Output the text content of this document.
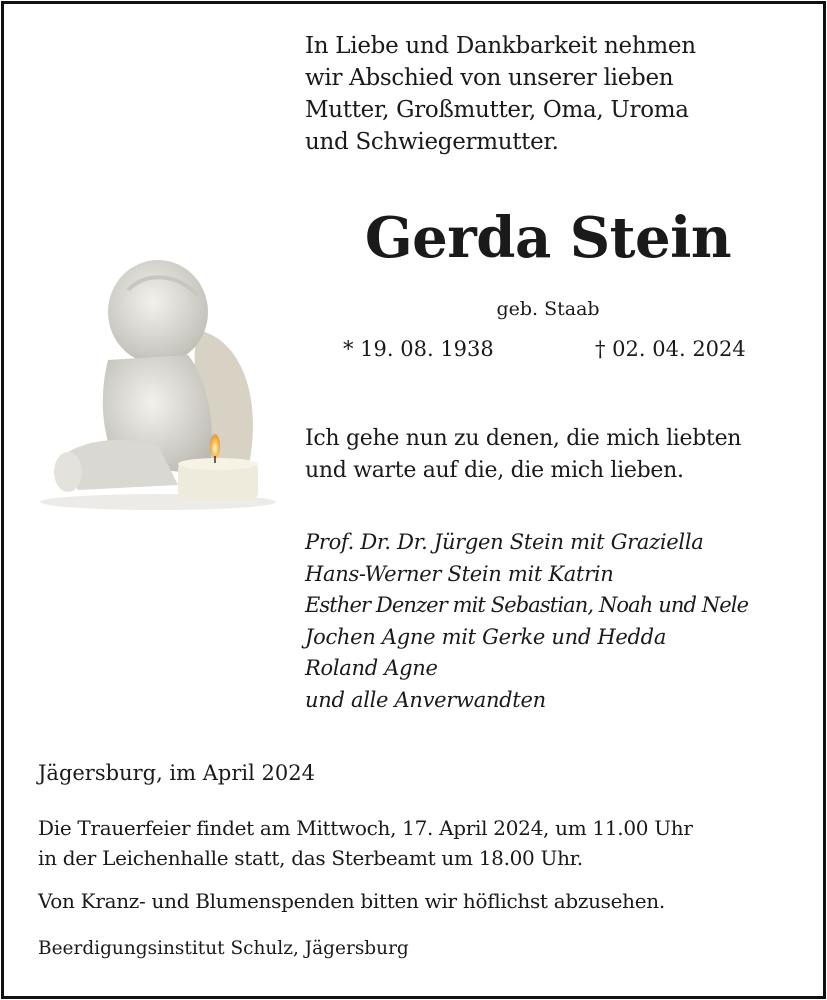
In Liebe und Dankbarkeit nehmen
wir Abschied von unserer lieben
Mutter, Großmutter, Oma, Uroma
und Schwiegermutter.
Gerda Stein
geb. Staab
* 19. 08. 1938	† 02. 04. 2024
Ich gehe nun zu denen, die mich liebten
und warte auf die, die mich lieben.
Prof. Dr. Dr. Jürgen Stein mit Graziella
Hans-Werner Stein mit Katrin
Esther Denzer mit Sebastian, Noah und Nele
Jochen Agne mit Gerke und Hedda
Roland Agne
und alle Anverwandten
Jägersburg, im April 2024
Die Trauerfeier findet am Mittwoch, 17. April 2024, um 11.00 Uhr
in der Leichenhalle statt, das Sterbeamt um 18.00 Uhr.
Von Kranz- und Blumenspenden bitten wir höflichst abzusehen.
Beerdigungsinstitut Schulz, Jägersburg
